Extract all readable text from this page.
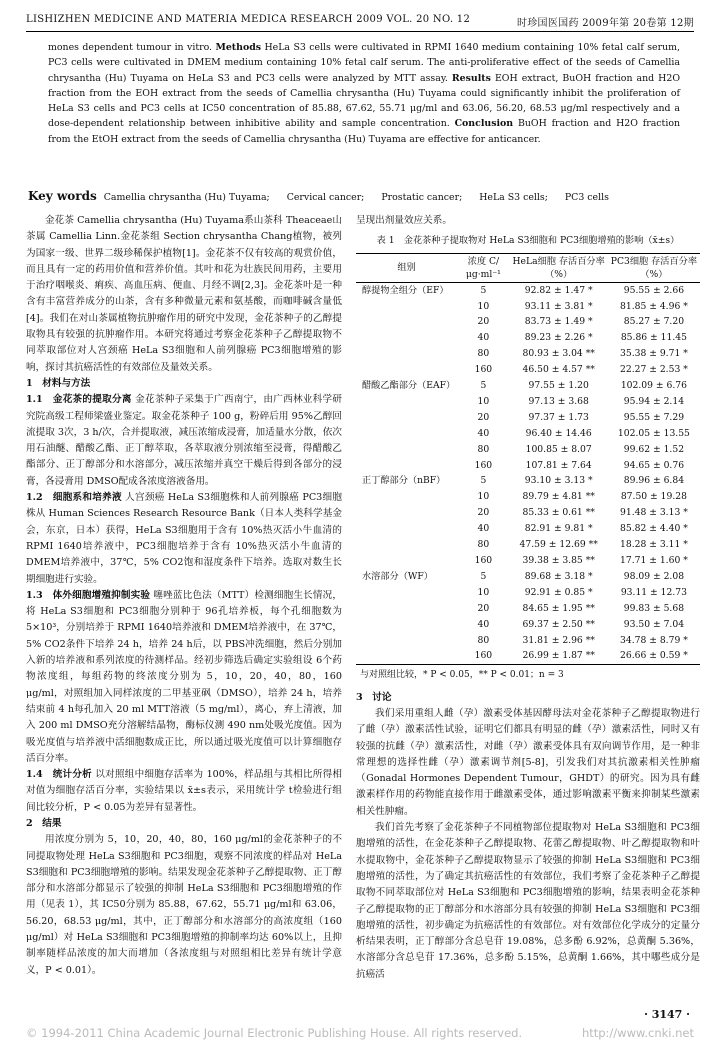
LISHIZHEN MEDICINE AND MATERIA MEDICA RESEARCH 2009 VOL. 20 NO. 12	时珍国医国药 2009年第 20卷第 12期
mones dependent tumour in vitro. Methods HeLa S3 cells were cultivated in RPMI 1640 medium containing 10% fetal calf serum, PC3 cells were cultivated in DMEM medium containing 10% fetal calf serum. The anti-proliferative effect of the seeds of Camellia chrysantha (Hu) Tuyama on HeLa S3 and PC3 cells were analyzed by MTT assay. Results EOH extract, BuOH fraction and H2O fraction from the EOH extract from the seeds of Camellia chrysantha (Hu) Tuyama could significantly inhibit the proliferation of HeLa S3 cells and PC3 cells at IC50 concentration of 85.88, 67.62, 55.71 μg/ml and 63.06, 56.20, 68.53 μg/ml respectively and a dose-dependent relationship between inhibitive ability and sample concentration. Conclusion BuOH fraction and H2O fraction from the EtOH extract from the seeds of Camellia chrysantha (Hu) Tuyama are effective for anticancer.
Key words Camellia chrysantha (Hu) Tuyama; Cervical cancer; Prostatic cancer; HeLa S3 cells; PC3 cells

金花茶 Camellia chrysantha (Hu) Tuyama系山茶科 Theaceae山茶属 Camellia Linn.金花茶组 Section chrysantha Chang植物，被列为国家一级、世界二级珍稀保护植物[1]。金花茶不仅有较高的观赏价值，而且具有一定的药用价值和营养价值。其叶和花为壮族民间用药，主要用于治疗咽喉炎、痢疾、高血压病、便血、月经不调[2,3]。金花茶叶是一种含有丰富营养成分的山茶，含有多种微量元素和氨基酸，而咖啡碱含量低[4]。我们在对山茶属植物抗肿瘤作用的研究中发现，金花茶种子的乙醇提取物具有较强的抗肿瘤作用。本研究将通过考察金花茶种子乙醇提取物不同萃取部位对人宫颈癌 HeLa S3细胞和人前列腺癌 PC3细胞增殖的影响，探讨其抗癌活性的有效部位及量效关系。

1　材料与方法

1.1　金花茶的提取分离 金花茶种子采集于广西南宁，由广西林业科学研究院高级工程师梁盛业鉴定。取金花茶种子 100 g，粉碎后用 95%乙醇回流提取 3次，3 h/次，合并提取液，减压浓缩成浸膏，加适量水分散，依次用石油醚、醋酸乙酯、正丁醇萃取，各萃取液分别浓缩至浸膏，得醋酸乙酯部分、正丁醇部分和水溶部分，减压浓缩并真空干燥后得到各部分的浸膏，各浸膏用 DMSO配成各浓度溶液备用。

1.2　细胞系和培养液 人宫颈癌 HeLa S3细胞株和人前列腺癌 PC3细胞株从 Human Sciences Research Resource Bank（日本人类科学基金会，东京，日本）获得，HeLa S3细胞用于含有 10%热灭活小牛血清的 RPMI 1640培养液中，PC3细胞培养于含有 10%热灭活小牛血清的 DMEM培养液中，37℃，5% CO2饱和湿度条件下培养。选取对数生长期细胞进行实验。

1.3　体外细胞增殖抑制实验 噻唑蓝比色法（MTT）检测细胞生长情况，将 HeLa S3细胞和 PC3细胞分别种于 96孔培养板，每个孔细胞数为 5×10³，分别培养于 RPMI 1640培养液和 DMEM培养液中，在 37℃，5% CO2条件下培养 24 h，培养 24 h后，以 PBS冲洗细胞，然后分别加入新的培养液和系列浓度的待测样品。经初步筛选后确定实验组设 6个药物浓度组，每组药物的终浓度分别为 5，10，20，40，80，160 μg/ml，对照组加入同样浓度的二甲基亚砜（DMSO），培养 24 h，培养结束前 4 h每孔加入 20 ml MTT溶液（5 mg/ml），离心，弃上清液，加入 200 ml DMSO充分溶解结晶物，酶标仪测 490 nm处吸光度值。因为吸光度值与培养液中活细胞数成正比，所以通过吸光度值可以计算细胞存活百分率。

1.4　统计分析 以对照组中细胞存活率为 100%，样品组与其相比所得相对值为细胞存活百分率，实验结果以 x̄±s表示，采用统计学 t检验进行组间比较分析，P < 0.05为差异有显著性。

2　结果

用浓度分别为 5，10，20，40，80，160 μg/ml的金花茶种子的不同提取物处理 HeLa S3细胞和 PC3细胞，观察不同浓度的样品对 HeLa S3细胞和 PC3细胞增殖的影响。结果发现金花茶种子乙醇提取物、正丁醇部分和水溶部分都显示了较强的抑制 HeLa S3细胞和 PC3细胞增殖的作用（见表 1），其 IC50分别为 85.88，67.62，55.71 μg/ml和 63.06，56.20，68.53 μg/ml，其中，正丁醇部分和水溶部分的高浓度组（160 μg/ml）对 HeLa S3细胞和 PC3细胞增殖的抑制率均达 60%以上，且抑制率随样品浓度的加大而增加（各浓度组与对照组相比差异有统计学意义，P < 0.01）。

呈现出剂量效应关系。

表 1　金花茶种子提取物对 HeLa S3细胞和 PC3细胞增殖的影响（x̄±s）
组别	浓度 C/ μg·ml⁻¹	HeLa细胞 存活百分率（%）	PC3细胞 存活百分率（%）
醇提物全组分（EF）	5	92.82 ± 1.47 *	95.55 ± 2.66
	10	93.11 ± 3.81 *	81.85 ± 4.96 *
	20	83.73 ± 1.49 *	85.27 ± 7.20
	40	89.23 ± 2.26 *	85.86 ± 11.45
	80	80.93 ± 3.04 **	35.38 ± 9.71 *
	160	46.50 ± 4.57 **	22.27 ± 2.53 *
醋酸乙酯部分（EAF）	5	97.55 ± 1.20	102.09 ± 6.76
	10	97.13 ± 3.68	95.94 ± 2.14
	20	97.37 ± 1.73	95.55 ± 7.29
	40	96.40 ± 14.46	102.05 ± 13.55
	80	100.85 ± 8.07	99.62 ± 1.52
	160	107.81 ± 7.64	94.65 ± 0.76
正丁醇部分（nBF）	5	93.10 ± 3.13 *	89.96 ± 6.84
	10	89.79 ± 4.81 **	87.50 ± 19.28
	20	85.33 ± 0.61 **	91.48 ± 3.13 *
	40	82.91 ± 9.81 *	85.82 ± 4.40 *
	80	47.59 ± 12.69 **	18.28 ± 3.11 *
	160	39.38 ± 3.85 **	17.71 ± 1.60 *
水溶部分（WF）	5	89.68 ± 3.18 *	98.09 ± 2.08
	10	92.91 ± 0.85 *	93.11 ± 12.73
	20	84.65 ± 1.95 **	99.83 ± 5.68
	40	69.37 ± 2.50 **	93.50 ± 7.04
	80	31.81 ± 2.96 **	34.78 ± 8.79 *
	160	26.99 ± 1.87 **	26.66 ± 0.59 *
与对照组比较，* P < 0.05，** P < 0.01；n = 3

3　讨论

我们采用重组人雌（孕）激素受体基因酵母法对金花茶种子乙醇提取物进行了雌（孕）激素活性试验，证明它们都具有明显的雌（孕）激素活性，同时又有较强的抗雌（孕）激素活性，对雌（孕）激素受体具有双向调节作用，是一种非常理想的选择性雌（孕）激素调节剂[5-8]，引发我们对其抗激素相关性肿瘤（Gonadal Hormones Dependent Tumour，GHDT）的研究。因为具有雌激素样作用的药物能直接作用于雌激素受体，通过影响激素平衡来抑制某些激素相关性肿瘤。

我们首先考察了金花茶种子不同植物部位提取物对 HeLa S3细胞和 PC3细胞增殖的活性，在金花茶种子乙醇提取物、花蕾乙醇提取物、叶乙醇提取物和叶水提取物中，金花茶种子乙醇提取物显示了较强的抑制 HeLa S3细胞和 PC3细胞增殖的活性，为了确定其抗癌活性的有效部位，我们考察了金花茶种子乙醇提取物不同萃取部位对 HeLa S3细胞和 PC3细胞增殖的影响，结果表明金花茶种子乙醇提取物的正丁醇部分和水溶部分具有较强的抑制 HeLa S3细胞和 PC3细胞增殖的活性，初步确定为抗癌活性的有效部位。对有效部位化学成分的定量分析结果表明，正丁醇部分含总皂苷 19.08%，总多酚 6.92%，总黄酮 5.36%，水溶部分含总皂苷 17.36%，总多酚 5.15%，总黄酮 1.66%，其中哪些成分是抗癌活

· 3147 ·
© 1994-2011 China Academic Journal Electronic Publishing House. All rights reserved.	http://www.cnki.net
